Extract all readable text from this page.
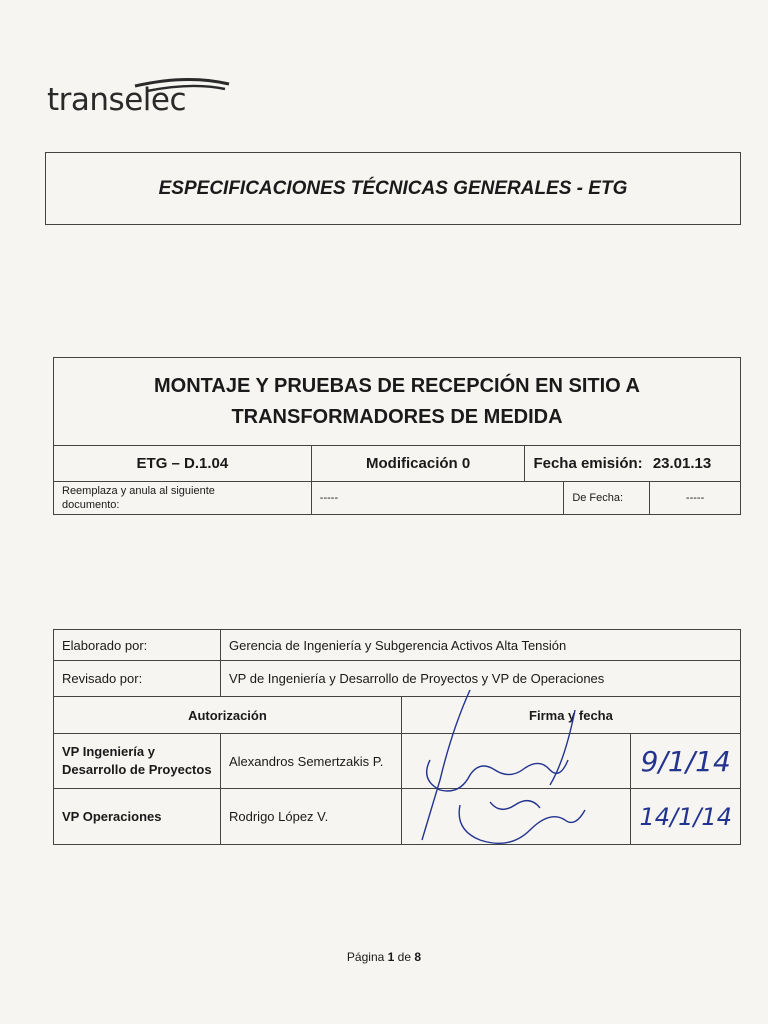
transelec
ESPECIFICACIONES TÉCNICAS GENERALES - ETG
MONTAJE Y PRUEBAS DE RECEPCIÓN EN SITIO A
TRANSFORMADORES DE MEDIDA				

ETG – D.1.04	Modificación 0	Fecha emisión: 23.01.13		

Reemplaza y anula al siguiente documento:	-----		De Fecha:	-----
Elaborado por:	Gerencia de Ingeniería y Subgerencia Activos Alta Tensión		
Revisado por:	VP de Ingeniería y Desarrollo de Proyectos y VP de Operaciones		
Autorización		Firma y fecha	

VP Ingeniería y Desarrollo de Proyectos	Alexandros Semertzakis P.		9/1/14
VP Operaciones	Rodrigo López V.		14/1/14
Página 1 de 8
